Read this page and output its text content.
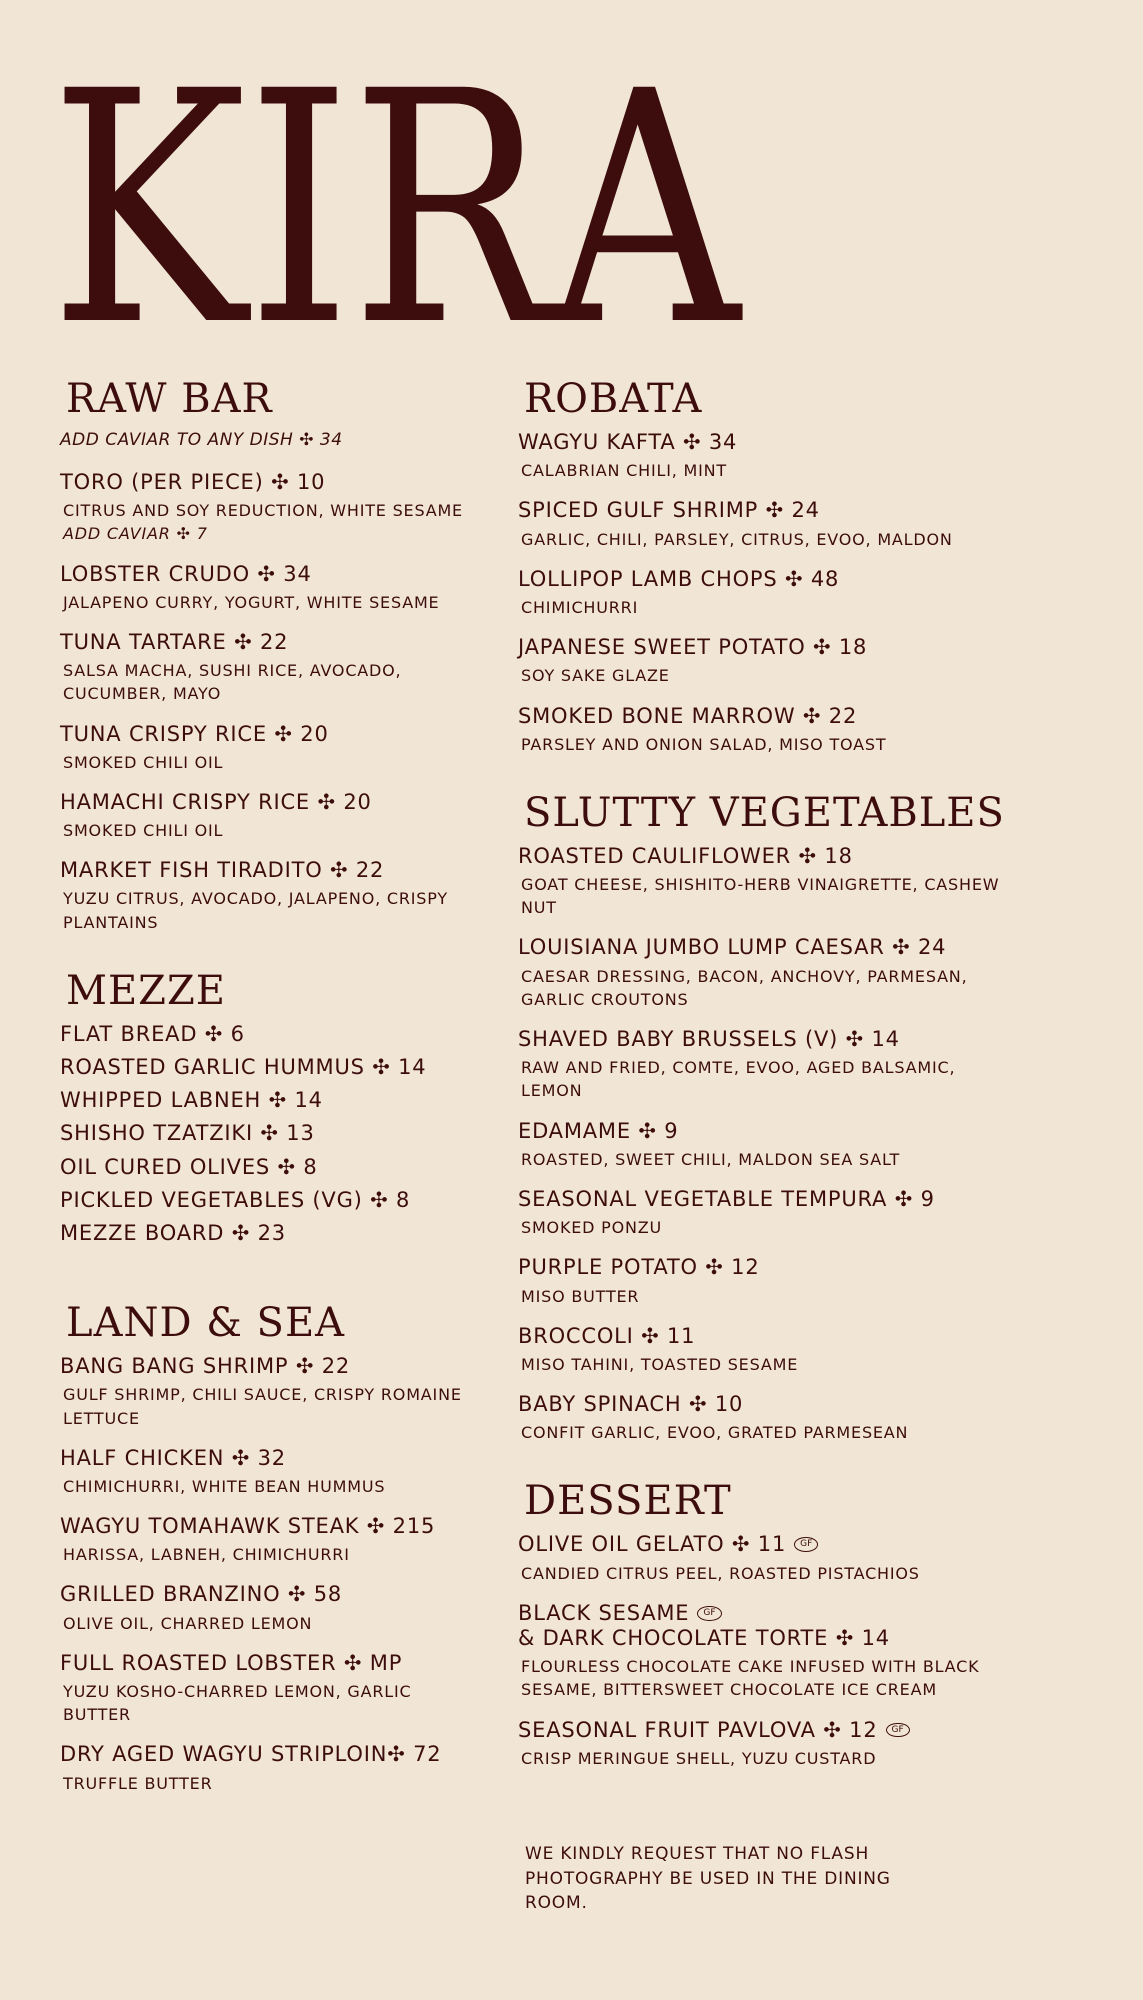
KIRA
RAW BAR
ADD CAVIAR TO ANY DISH ✣ 34
TORO (PER PIECE) ✣ 10
CITRUS AND SOY REDUCTION, WHITE SESAME
ADD CAVIAR ✣ 7
LOBSTER CRUDO ✣ 34
JALAPENO CURRY, YOGURT, WHITE SESAME
TUNA TARTARE ✣ 22
SALSA MACHA, SUSHI RICE, AVOCADO, CUCUMBER, MAYO
TUNA CRISPY RICE ✣ 20
SMOKED CHILI OIL
HAMACHI CRISPY RICE ✣ 20
SMOKED CHILI OIL
MARKET FISH TIRADITO ✣ 22
YUZU CITRUS, AVOCADO, JALAPENO, CRISPY PLANTAINS
MEZZE
FLAT BREAD ✣ 6
ROASTED GARLIC HUMMUS ✣ 14
WHIPPED LABNEH ✣ 14
SHISHO TZATZIKI ✣ 13
OIL CURED OLIVES ✣ 8
PICKLED VEGETABLES (VG) ✣ 8
MEZZE BOARD ✣ 23
LAND & SEA
BANG BANG SHRIMP ✣ 22
GULF SHRIMP, CHILI SAUCE, CRISPY ROMAINE LETTUCE
HALF CHICKEN ✣ 32
CHIMICHURRI, WHITE BEAN HUMMUS
WAGYU TOMAHAWK STEAK ✣ 215
HARISSA, LABNEH, CHIMICHURRI
GRILLED BRANZINO ✣ 58
OLIVE OIL, CHARRED LEMON
FULL ROASTED LOBSTER ✣ MP
YUZU KOSHO-CHARRED LEMON, GARLIC BUTTER
DRY AGED WAGYU STRIPLOIN✣ 72
TRUFFLE BUTTER
ROBATA
WAGYU KAFTA ✣ 34
CALABRIAN CHILI, MINT
SPICED GULF SHRIMP ✣ 24
GARLIC, CHILI, PARSLEY, CITRUS, EVOO, MALDON
LOLLIPOP LAMB CHOPS ✣ 48
CHIMICHURRI
JAPANESE SWEET POTATO ✣ 18
SOY SAKE GLAZE
SMOKED BONE MARROW ✣ 22
PARSLEY AND ONION SALAD, MISO TOAST
SLUTTY VEGETABLES
ROASTED CAULIFLOWER ✣ 18
GOAT CHEESE, SHISHITO-HERB VINAIGRETTE, CASHEW NUT
LOUISIANA JUMBO LUMP CAESAR ✣ 24
CAESAR DRESSING, BACON, ANCHOVY, PARMESAN, GARLIC CROUTONS
SHAVED BABY BRUSSELS (V) ✣ 14
RAW AND FRIED, COMTE, EVOO, AGED BALSAMIC, LEMON
EDAMAME ✣ 9
ROASTED, SWEET CHILI, MALDON SEA SALT
SEASONAL VEGETABLE TEMPURA ✣ 9
SMOKED PONZU
PURPLE POTATO ✣ 12
MISO BUTTER
BROCCOLI ✣ 11
MISO TAHINI, TOASTED SESAME
BABY SPINACH ✣ 10
CONFIT GARLIC, EVOO, GRATED PARMESEAN
DESSERT
OLIVE OIL GELATO ✣ 11 GF
CANDIED CITRUS PEEL, ROASTED PISTACHIOS
BLACK SESAME GF
& DARK CHOCOLATE TORTE ✣ 14
FLOURLESS CHOCOLATE CAKE INFUSED WITH BLACK SESAME, BITTERSWEET CHOCOLATE ICE CREAM
SEASONAL FRUIT PAVLOVA ✣ 12 GF
CRISP MERINGUE SHELL, YUZU CUSTARD
WE KINDLY REQUEST THAT NO FLASH PHOTOGRAPHY BE USED IN THE DINING ROOM.
